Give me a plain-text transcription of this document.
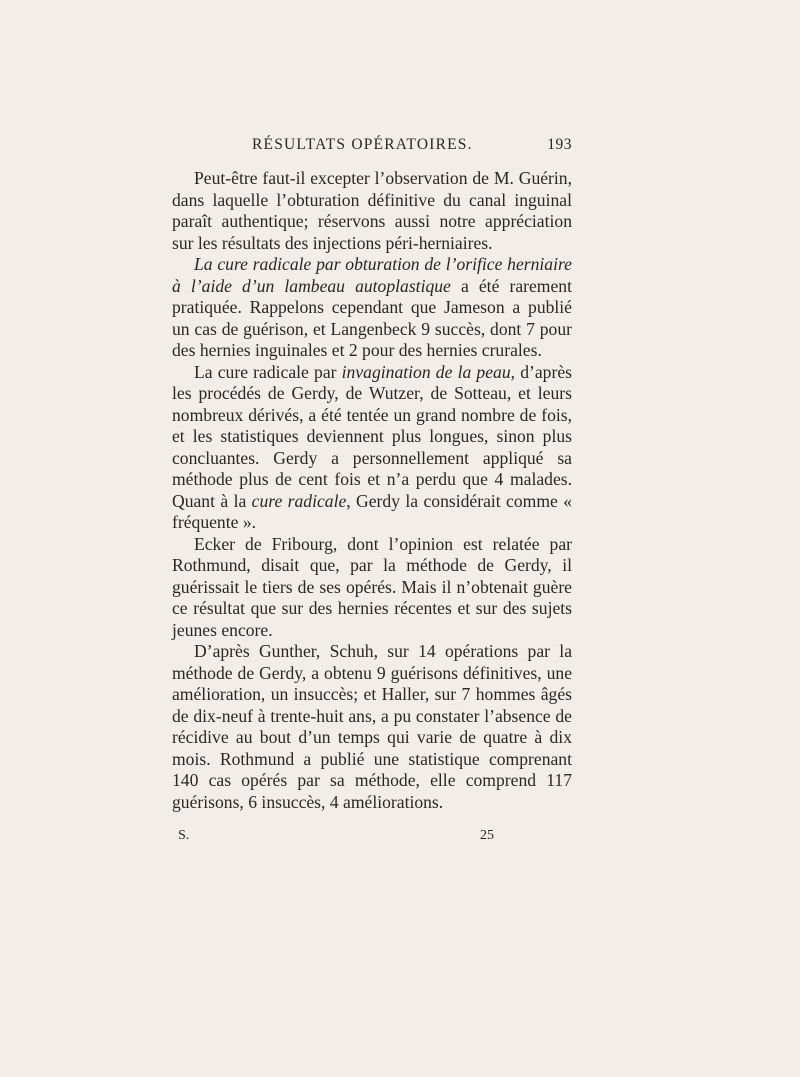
RÉSULTATS OPÉRATOIRES.	193

Peut-être faut-il excepter l’observation de M. Guérin, dans laquelle l’obturation définitive du canal inguinal paraît authentique; réservons aussi notre appréciation sur les résultats des injections péri-herniaires.

La cure radicale par obturation de l’orifice herniaire à l’aide d’un lambeau autoplastique a été rarement pratiquée. Rappelons cependant que Jameson a publié un cas de guérison, et Langenbeck 9 succès, dont 7 pour des hernies inguinales et 2 pour des hernies crurales.

La cure radicale par invagination de la peau, d’après les procédés de Gerdy, de Wutzer, de Sotteau, et leurs nombreux dérivés, a été tentée un grand nombre de fois, et les statistiques deviennent plus longues, sinon plus concluantes. Gerdy a personnellement appliqué sa méthode plus de cent fois et n’a perdu que 4 malades. Quant à la cure radicale, Gerdy la considérait comme « fréquente ».

Ecker de Fribourg, dont l’opinion est relatée par Rothmund, disait que, par la méthode de Gerdy, il guérissait le tiers de ses opérés. Mais il n’obtenait guère ce résultat que sur des hernies récentes et sur des sujets jeunes encore.

D’après Gunther, Schuh, sur 14 opérations par la méthode de Gerdy, a obtenu 9 guérisons définitives, une amélioration, un insuccès; et Haller, sur 7 hommes âgés de dix-neuf à trente-huit ans, a pu constater l’absence de récidive au bout d’un temps qui varie de quatre à dix mois. Rothmund a publié une statistique comprenant 140 cas opérés par sa méthode, elle comprend 117 guérisons, 6 insuccès, 4 améliorations.

S.	25
